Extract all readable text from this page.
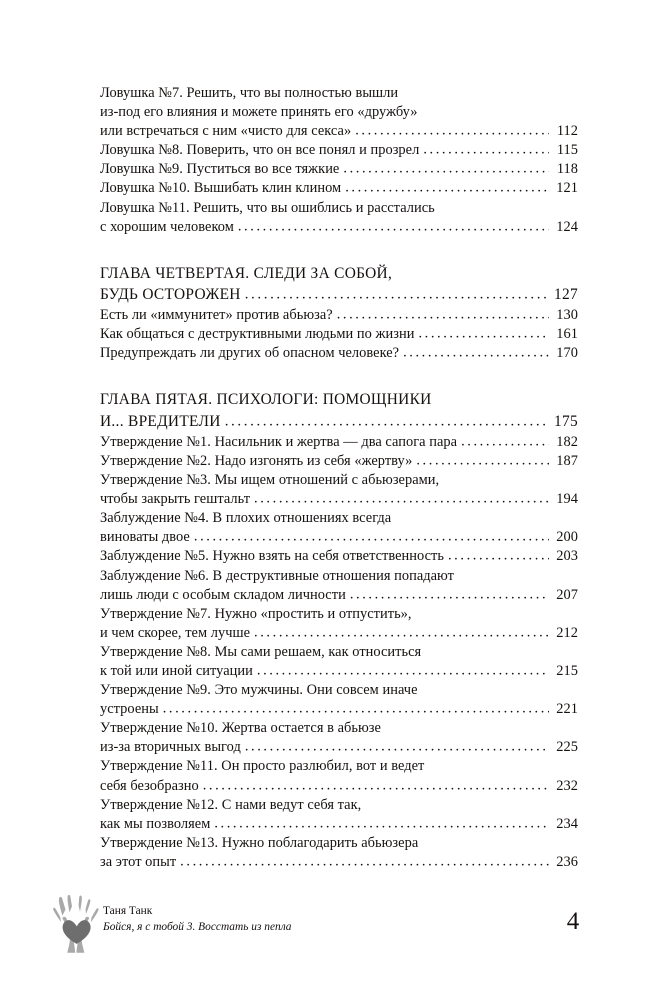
Ловушка №7. Решить, что вы полностью вышли
из-под его влияния и можете принять его «дружбу»
или встречаться с ним «чисто для секса» .....	112
Ловушка №8. Поверить, что он все понял и прозрел .....	115
Ловушка №9. Пуститься во все тяжкие .....	118
Ловушка №10. Вышибать клин клином .....	121
Ловушка №11. Решить, что вы ошиблись и расстались
с хорошим человеком .....	124
ГЛАВА ЧЕТВЕРТАЯ. СЛЕДИ ЗА СОБОЙ,
БУДЬ ОСТОРОЖЕН .....	127
Есть ли «иммунитет» против абьюза? .....	130
Как общаться с деструктивными людьми по жизни .....	161
Предупреждать ли других об опасном человеке? .....	170
ГЛАВА ПЯТАЯ. ПСИХОЛОГИ: ПОМОЩНИКИ
И... ВРЕДИТЕЛИ .....	175
Утверждение №1. Насильник и жертва — два сапога пара .....	182
Утверждение №2. Надо изгонять из себя «жертву» .....	187
Утверждение №3. Мы ищем отношений с абьюзерами,
чтобы закрыть гештальт .....	194
Заблуждение №4. В плохих отношениях всегда
виноваты двое .....	200
Заблуждение №5. Нужно взять на себя ответственность .....	203
Заблуждение №6. В деструктивные отношения попадают
лишь люди с особым складом личности .....	207
Утверждение №7. Нужно «простить и отпустить»,
и чем скорее, тем лучше .....	212
Утверждение №8. Мы сами решаем, как относиться
к той или иной ситуации .....	215
Утверждение №9. Это мужчины. Они совсем иначе
устроены .....	221
Утверждение №10. Жертва остается в абьюзе
из-за вторичных выгод .....	225
Утверждение №11. Он просто разлюбил, вот и ведет
себя безобразно .....	232
Утверждение №12. С нами ведут себя так,
как мы позволяем .....	234
Утверждение №13. Нужно поблагодарить абьюзера
за этот опыт .....	236
Таня Танк
Бойся, я с тобой 3. Восстать из пепла	4
